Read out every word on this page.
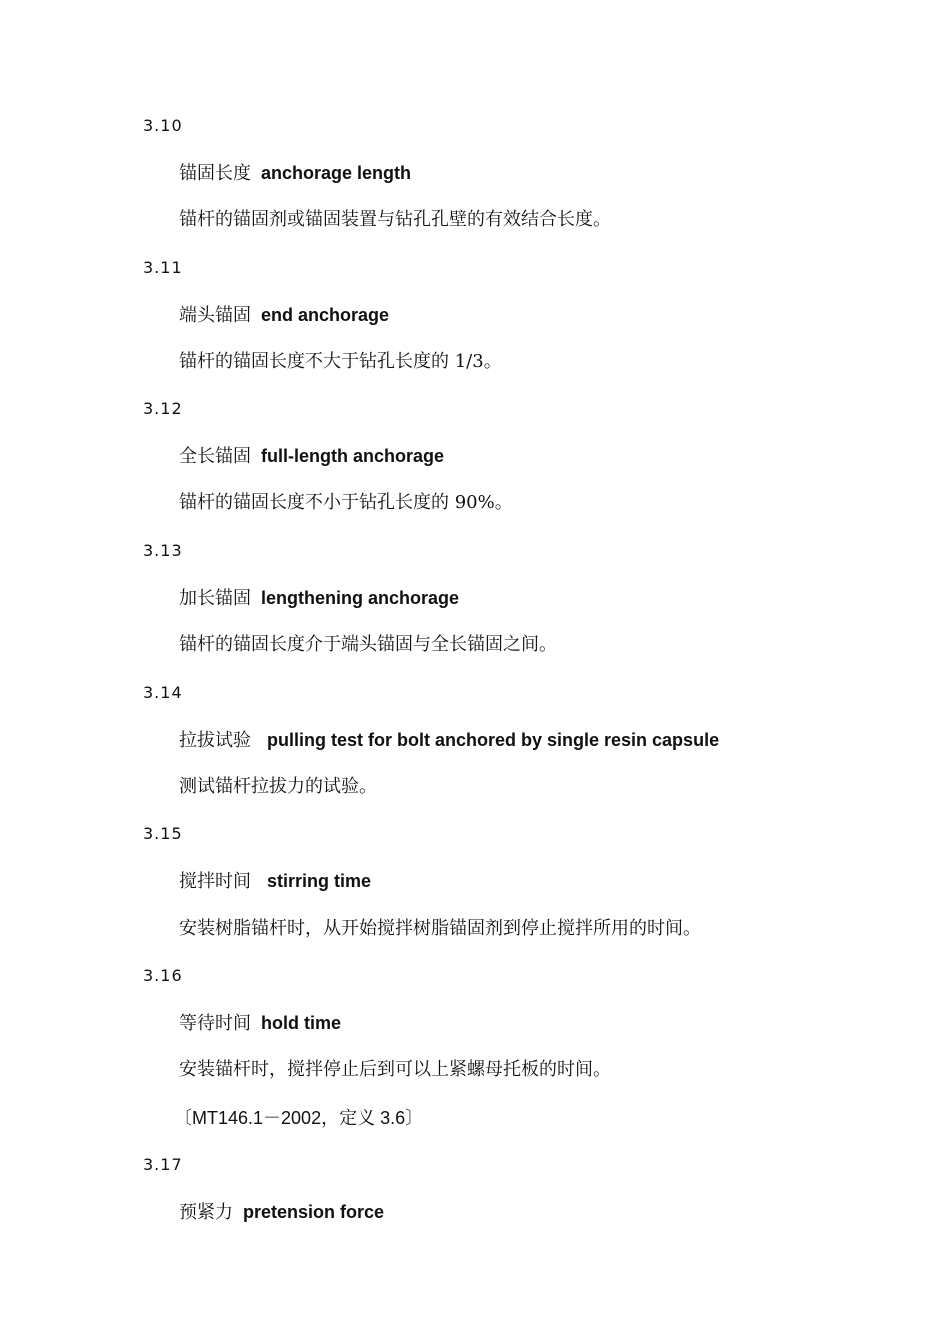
3.10
锚固长度 anchorage length
锚杆的锚固剂或锚固装置与钻孔孔壁的有效结合长度。
3.11
端头锚固 end anchorage
锚杆的锚固长度不大于钻孔长度的 1/3。
3.12
全长锚固 full-length anchorage
锚杆的锚固长度不小于钻孔长度的 90%。
3.13
加长锚固 lengthening anchorage
锚杆的锚固长度介于端头锚固与全长锚固之间。
3.14
拉拔试验 pulling test for bolt anchored by single resin capsule
测试锚杆拉拔力的试验。
3.15
搅拌时间 stirring time
安装树脂锚杆时，从开始搅拌树脂锚固剂到停止搅拌所用的时间。
3.16
等待时间 hold time
安装锚杆时，搅拌停止后到可以上紧螺母托板的时间。
〔MT146.1－2002，定义 3.6〕
3.17
预紧力 pretension force
